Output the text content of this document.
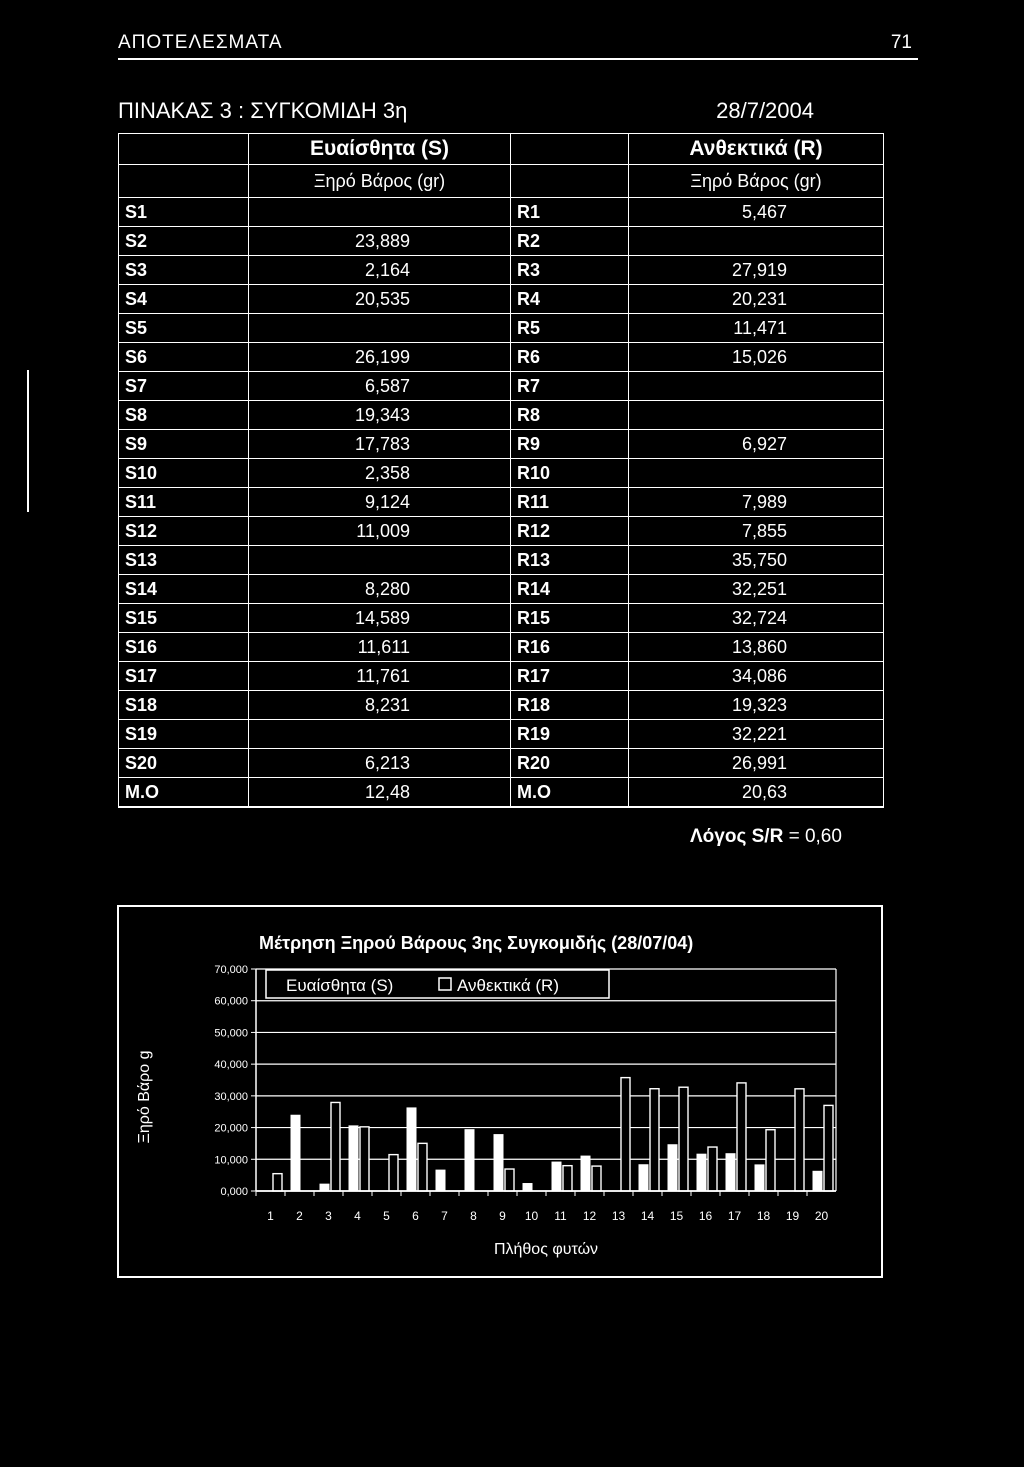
ΑΠΟΤΕΛΕΣΜΑΤΑ	71
ΠΙΝΑΚΑΣ 3 : ΣΥΓΚΟΜΙΔΗ 3η	28/7/2004
	Ευαίσθητα (S)		Ανθεκτικά (R)
	Ξηρό Βάρος (gr)		Ξηρό Βάρος (gr)
S1		R1	5,467
S2	23,889	R2	
S3	2,164	R3	27,919
S4	20,535	R4	20,231
S5		R5	11,471
S6	26,199	R6	15,026
S7	6,587	R7	
S8	19,343	R8	
S9	17,783	R9	6,927
S10	2,358	R10	
S11	9,124	R11	7,989
S12	11,009	R12	7,855
S13		R13	35,750
S14	8,280	R14	32,251
S15	14,589	R15	32,724
S16	11,611	R16	13,860
S17	11,761	R17	34,086
S18	8,231	R18	19,323
S19		R19	32,221
S20	6,213	R20	26,991
Μ.Ο	12,48	Μ.Ο	20,63
Λόγος S/R = 0,60
Μέτρηση Ξηρού Βάρους 3ης Συγκομιδής (28/07/04)
0,000
10,000
20,000
30,000
40,000
50,000
60,000
70,000
Ξηρό Βάρο g
Ευαίσθητα (S)	Ανθεκτικά (R)
1 2 3 4 5 6 7 8 9 10 11 12 13 14 15 16 17 18 19 20
Πλήθος φυτών
